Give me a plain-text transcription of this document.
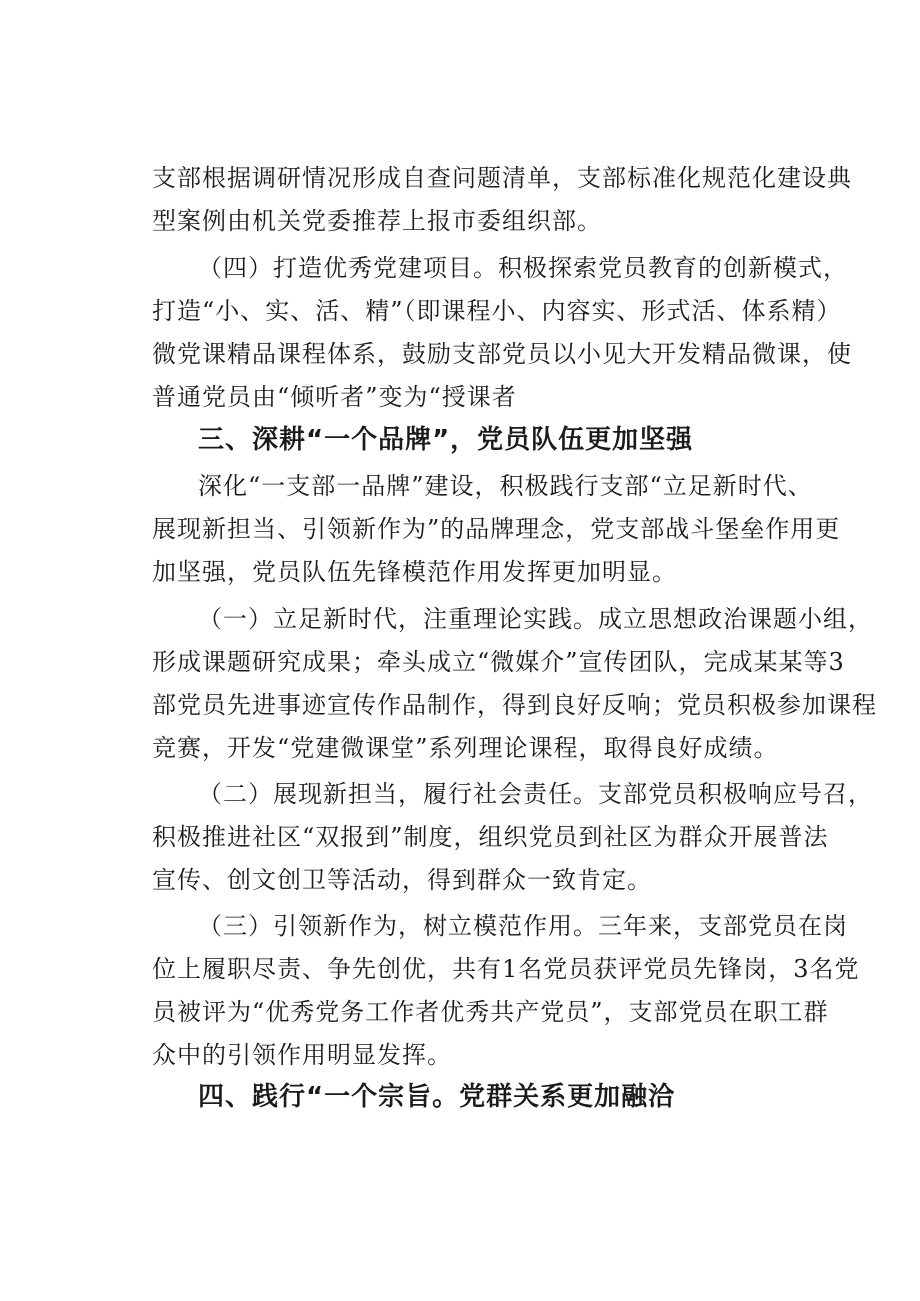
支部根据调研情况形成自查问题清单，支部标准化规范化建设典
型案例由机关党委推荐上报市委组织部。
（四）打造优秀党建项目。积极探索党员教育的创新模式，
打造“小、实、活、精”（即课程小、内容实、形式活、体系精）
微党课精品课程体系，鼓励支部党员以小见大开发精品微课，使
普通党员由“倾听者”变为“授课者
三、深耕“一个品牌”，党员队伍更加坚强
深化“一支部一品牌”建设，积极践行支部“立足新时代、
展现新担当、引领新作为”的品牌理念，党支部战斗堡垒作用更
加坚强，党员队伍先锋模范作用发挥更加明显。
（一）立足新时代，注重理论实践。成立思想政治课题小组，
形成课题研究成果；牵头成立“微媒介”宣传团队，完成某某等3
部党员先进事迹宣传作品制作，得到良好反响；党员积极参加课程
竞赛，开发“党建微课堂”系列理论课程，取得良好成绩。
（二）展现新担当，履行社会责任。支部党员积极响应号召，
积极推进社区“双报到”制度，组织党员到社区为群众开展普法
宣传、创文创卫等活动，得到群众一致肯定。
（三）引领新作为，树立模范作用。三年来，支部党员在岗
位上履职尽责、争先创优，共有1名党员获评党员先锋岗，3名党
员被评为“优秀党务工作者优秀共产党员”，支部党员在职工群
众中的引领作用明显发挥。
四、践行“一个宗旨。党群关系更加融洽
